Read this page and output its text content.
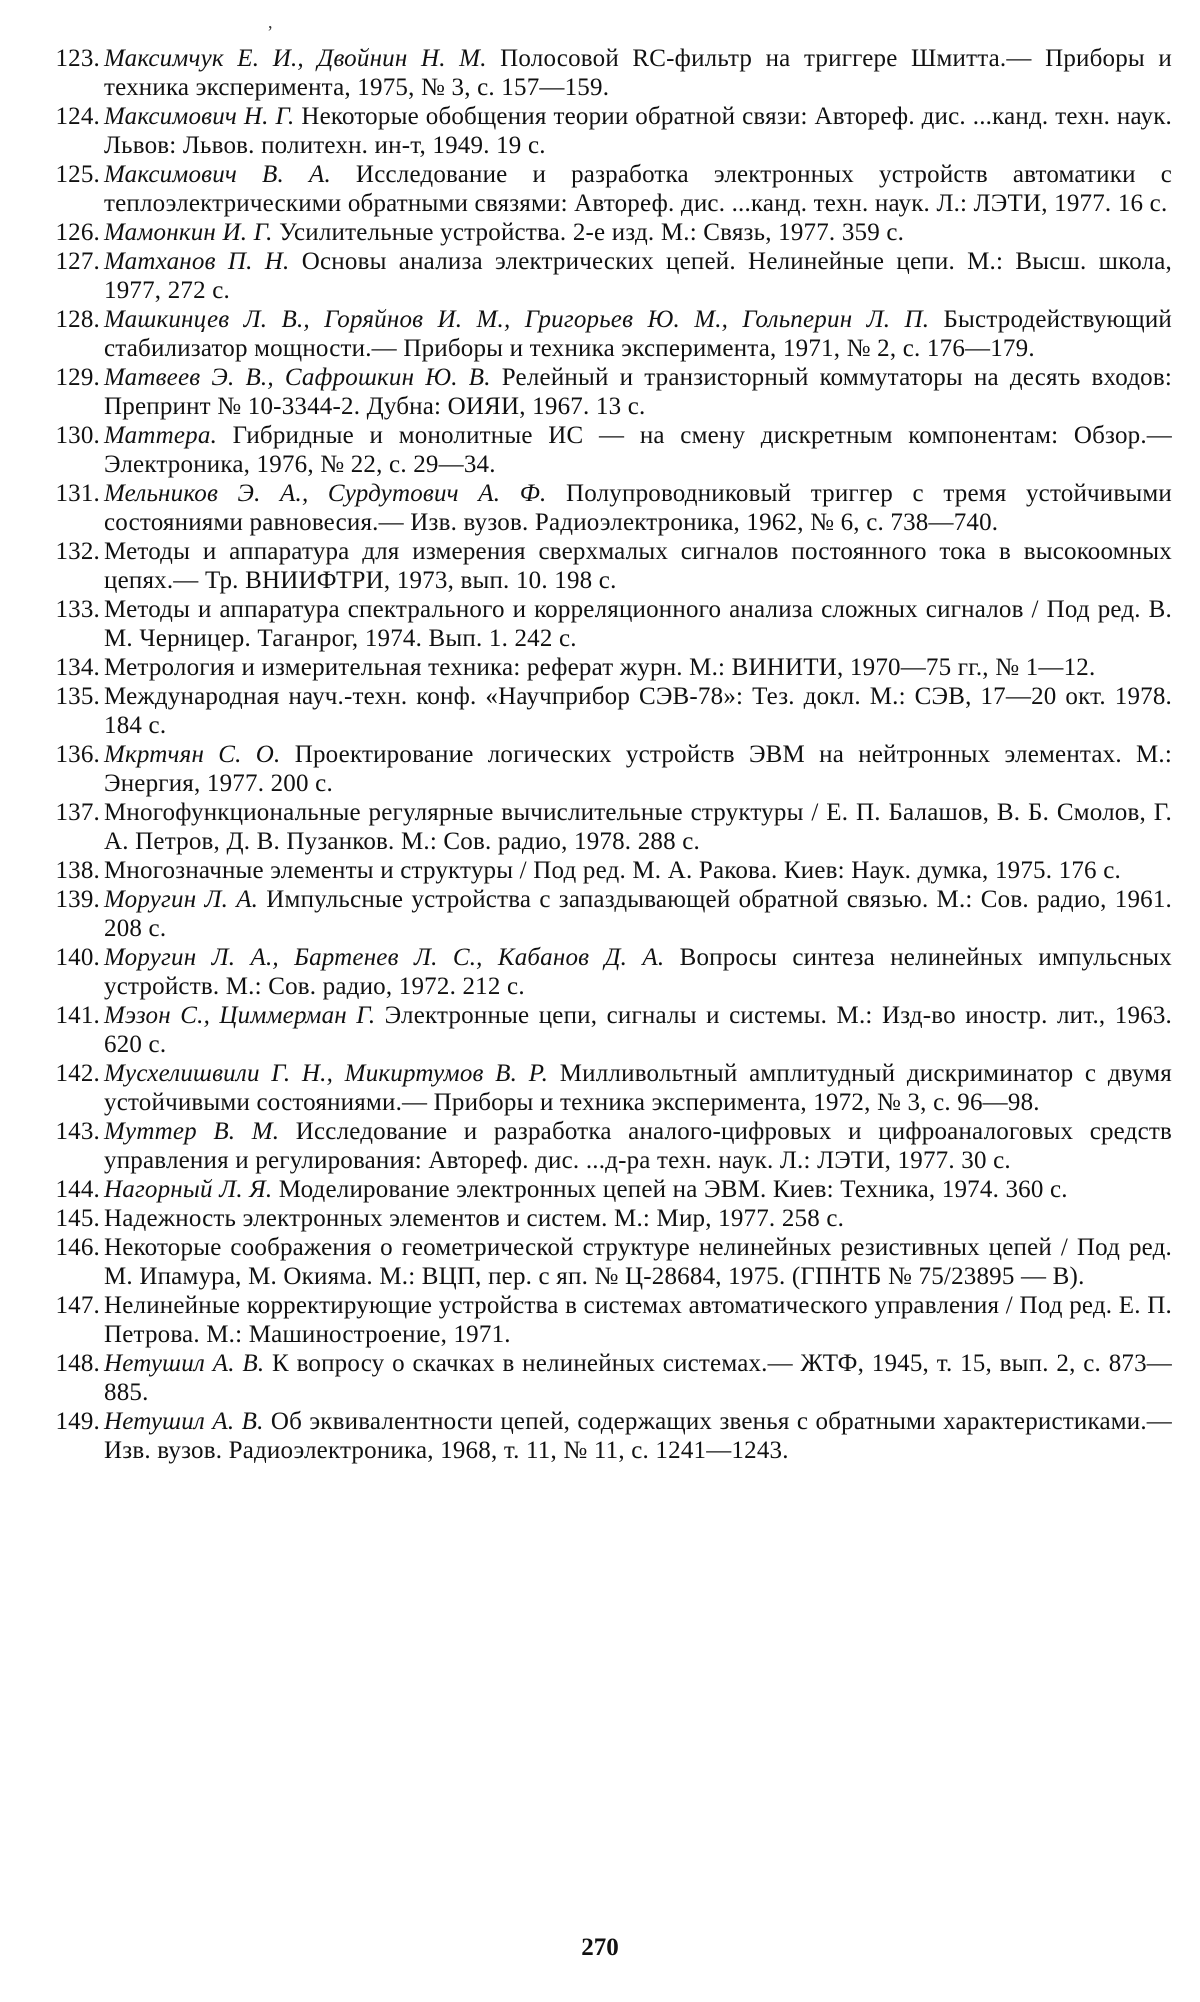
,
123. Максимчук Е. И., Двойнин Н. М. Полосовой RC-фильтр на триггере Шмитта.— Приборы и техника эксперимента, 1975, № 3, с. 157—159.
124. Максимович Н. Г. Некоторые обобщения теории обратной связи: Автореф. дис. ...канд. техн. наук. Львов: Львов. политехн. ин-т, 1949. 19 с.
125. Максимович В. А. Исследование и разработка электронных устройств автоматики с теплоэлектрическими обратными связями: Автореф. дис. ...канд. техн. наук. Л.: ЛЭТИ, 1977. 16 с.
126. Мамонкин И. Г. Усилительные устройства. 2-е изд. М.: Связь, 1977. 359 с.
127. Матханов П. Н. Основы анализа электрических цепей. Нелинейные цепи. М.: Высш. школа, 1977, 272 с.
128. Машкинцев Л. В., Горяйнов И. М., Григорьев Ю. М., Гольперин Л. П. Быстродействующий стабилизатор мощности.— Приборы и техника эксперимента, 1971, № 2, с. 176—179.
129. Матвеев Э. В., Сафрошкин Ю. В. Релейный и транзисторный коммутаторы на десять входов: Препринт № 10-3344-2. Дубна: ОИЯИ, 1967. 13 с.
130. Маттера. Гибридные и монолитные ИС — на смену дискретным компонентам: Обзор.— Электроника, 1976, № 22, с. 29—34.
131. Мельников Э. А., Сурдутович А. Ф. Полупроводниковый триггер с тремя устойчивыми состояниями равновесия.— Изв. вузов. Радиоэлектроника, 1962, № 6, с. 738—740.
132. Методы и аппаратура для измерения сверхмалых сигналов постоянного тока в высокоомных цепях.— Тр. ВНИИФТРИ, 1973, вып. 10. 198 с.
133. Методы и аппаратура спектрального и корреляционного анализа сложных сигналов / Под ред. В. М. Черницер. Таганрог, 1974. Вып. 1. 242 с.
134. Метрология и измерительная техника: реферат журн. М.: ВИНИТИ, 1970—75 гг., № 1—12.
135. Международная науч.-техн. конф. «Научприбор СЭВ-78»: Тез. докл. М.: СЭВ, 17—20 окт. 1978. 184 с.
136. Мкртчян С. О. Проектирование логических устройств ЭВМ на нейтронных элементах. М.: Энергия, 1977. 200 с.
137. Многофункциональные регулярные вычислительные структуры / Е. П. Балашов, В. Б. Смолов, Г. А. Петров, Д. В. Пузанков. М.: Сов. радио, 1978. 288 с.
138. Многозначные элементы и структуры / Под ред. М. А. Ракова. Киев: Наук. думка, 1975. 176 с.
139. Моругин Л. А. Импульсные устройства с запаздывающей обратной связью. М.: Сов. радио, 1961. 208 с.
140. Моругин Л. А., Бартенев Л. С., Кабанов Д. А. Вопросы синтеза нелинейных импульсных устройств. М.: Сов. радио, 1972. 212 с.
141. Мэзон С., Циммерман Г. Электронные цепи, сигналы и системы. М.: Изд-во иностр. лит., 1963. 620 с.
142. Мусхелишвили Г. Н., Микиртумов В. Р. Милливольтный амплитудный дискриминатор с двумя устойчивыми состояниями.— Приборы и техника эксперимента, 1972, № 3, с. 96—98.
143. Муттер В. М. Исследование и разработка аналого-цифровых и цифроаналоговых средств управления и регулирования: Автореф. дис. ...д-ра техн. наук. Л.: ЛЭТИ, 1977. 30 с.
144. Нагорный Л. Я. Моделирование электронных цепей на ЭВМ. Киев: Техника, 1974. 360 с.
145. Надежность электронных элементов и систем. М.: Мир, 1977. 258 с.
146. Некоторые соображения о геометрической структуре нелинейных резистивных цепей / Под ред. М. Ипамура, М. Окияма. М.: ВЦП, пер. с яп. № Ц-28684, 1975. (ГПНТБ № 75/23895 — В).
147. Нелинейные корректирующие устройства в системах автоматического управления / Под ред. Е. П. Петрова. М.: Машиностроение, 1971.
148. Нетушил А. В. К вопросу о скачках в нелинейных системах.— ЖТФ, 1945, т. 15, вып. 2, с. 873—885.
149. Нетушил А. В. Об эквивалентности цепей, содержащих звенья с обратными характеристиками.— Изв. вузов. Радиоэлектроника, 1968, т. 11, № 11, с. 1241—1243.
270
